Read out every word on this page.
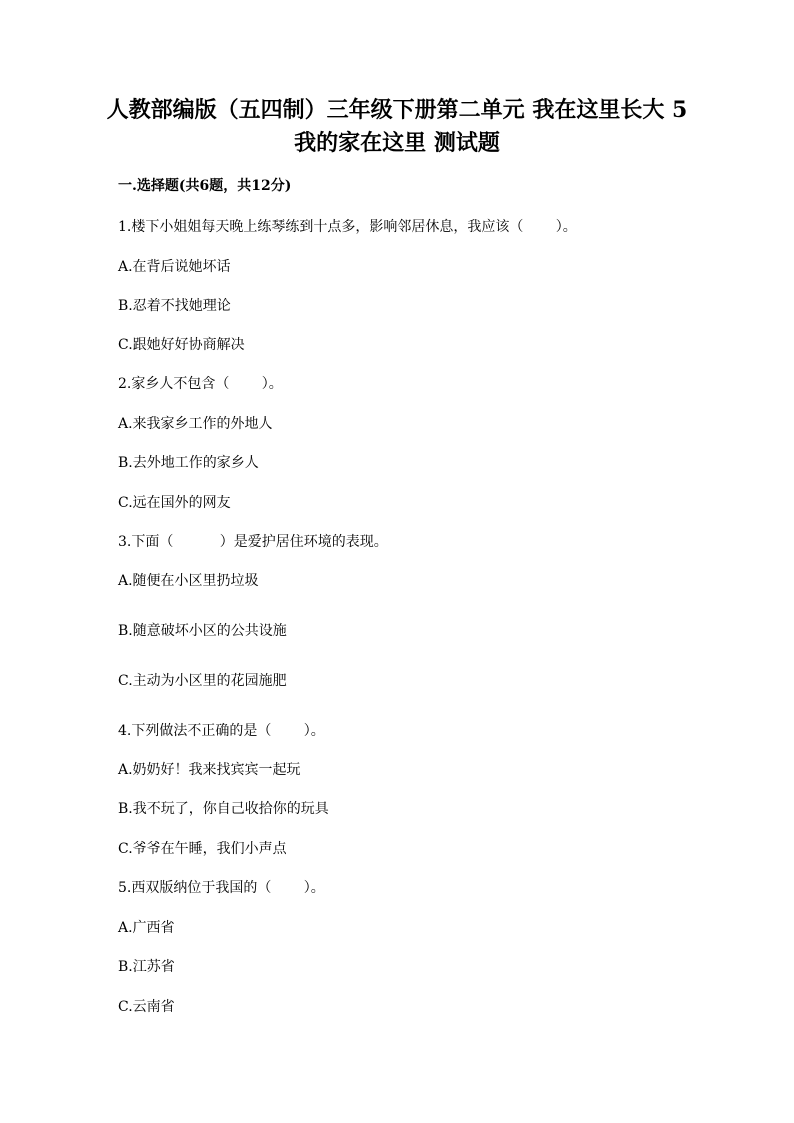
人教部编版（五四制）三年级下册第二单元 我在这里长大 5 我的家在这里 测试题
一.选择题(共6题，共12分)
1.楼下小姐姐每天晚上练琴练到十点多，影响邻居休息，我应该（　　 ）。
A.在背后说她坏话
B.忍着不找她理论
C.跟她好好协商解决
2.家乡人不包含（　　 ）。
A.来我家乡工作的外地人
B.去外地工作的家乡人
C.远在国外的网友
3.下面（　　　 ）是爱护居住环境的表现。
A.随便在小区里扔垃圾
B.随意破坏小区的公共设施
C.主动为小区里的花园施肥
4.下列做法不正确的是（　　 ）。
A.奶奶好！我来找宾宾一起玩
B.我不玩了，你自己收拾你的玩具
C.爷爷在午睡，我们小声点
5.西双版纳位于我国的（　　 ）。
A.广西省
B.江苏省
C.云南省
